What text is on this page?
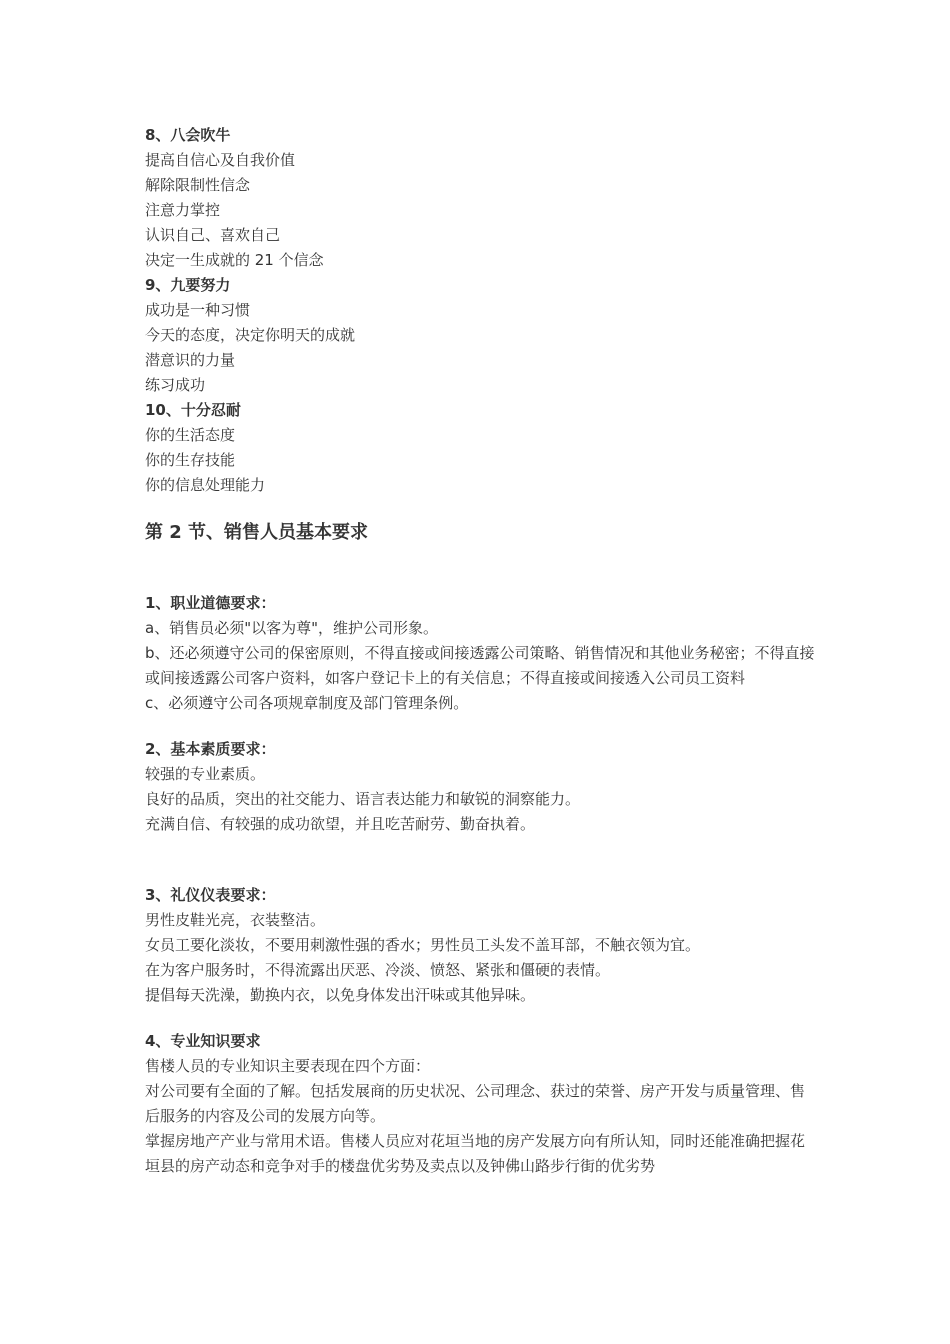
8、八会吹牛
提高自信心及自我价值
解除限制性信念
注意力掌控
认识自己、喜欢自己
决定一生成就的 21 个信念
9、九要努力
成功是一种习惯
今天的态度，决定你明天的成就
潜意识的力量
练习成功
10、十分忍耐
你的生活态度
你的生存技能
你的信息处理能力
第 2 节、销售人员基本要求
1、职业道德要求：
a、销售员必须"以客为尊"，维护公司形象。
b、还必须遵守公司的保密原则，不得直接或间接透露公司策略、销售情况和其他业务秘密；不得直接或间接透露公司客户资料，如客户登记卡上的有关信息；不得直接或间接透入公司员工资料
c、必须遵守公司各项规章制度及部门管理条例。
2、基本素质要求：
较强的专业素质。
良好的品质，突出的社交能力、语言表达能力和敏锐的洞察能力。
充满自信、有较强的成功欲望，并且吃苦耐劳、勤奋执着。
3、礼仪仪表要求：
男性皮鞋光亮，衣装整洁。
女员工要化淡妆，不要用刺激性强的香水；男性员工头发不盖耳部，不触衣领为宜。
在为客户服务时，不得流露出厌恶、冷淡、愤怒、紧张和僵硬的表情。
提倡每天洗澡，勤换内衣，以免身体发出汗味或其他异味。
4、专业知识要求
售楼人员的专业知识主要表现在四个方面：
对公司要有全面的了解。包括发展商的历史状况、公司理念、获过的荣誉、房产开发与质量管理、售后服务的内容及公司的发展方向等。
掌握房地产产业与常用术语。售楼人员应对花垣当地的房产发展方向有所认知，同时还能准确把握花垣县的房产动态和竞争对手的楼盘优劣势及卖点以及钟佛山路步行街的优劣势
